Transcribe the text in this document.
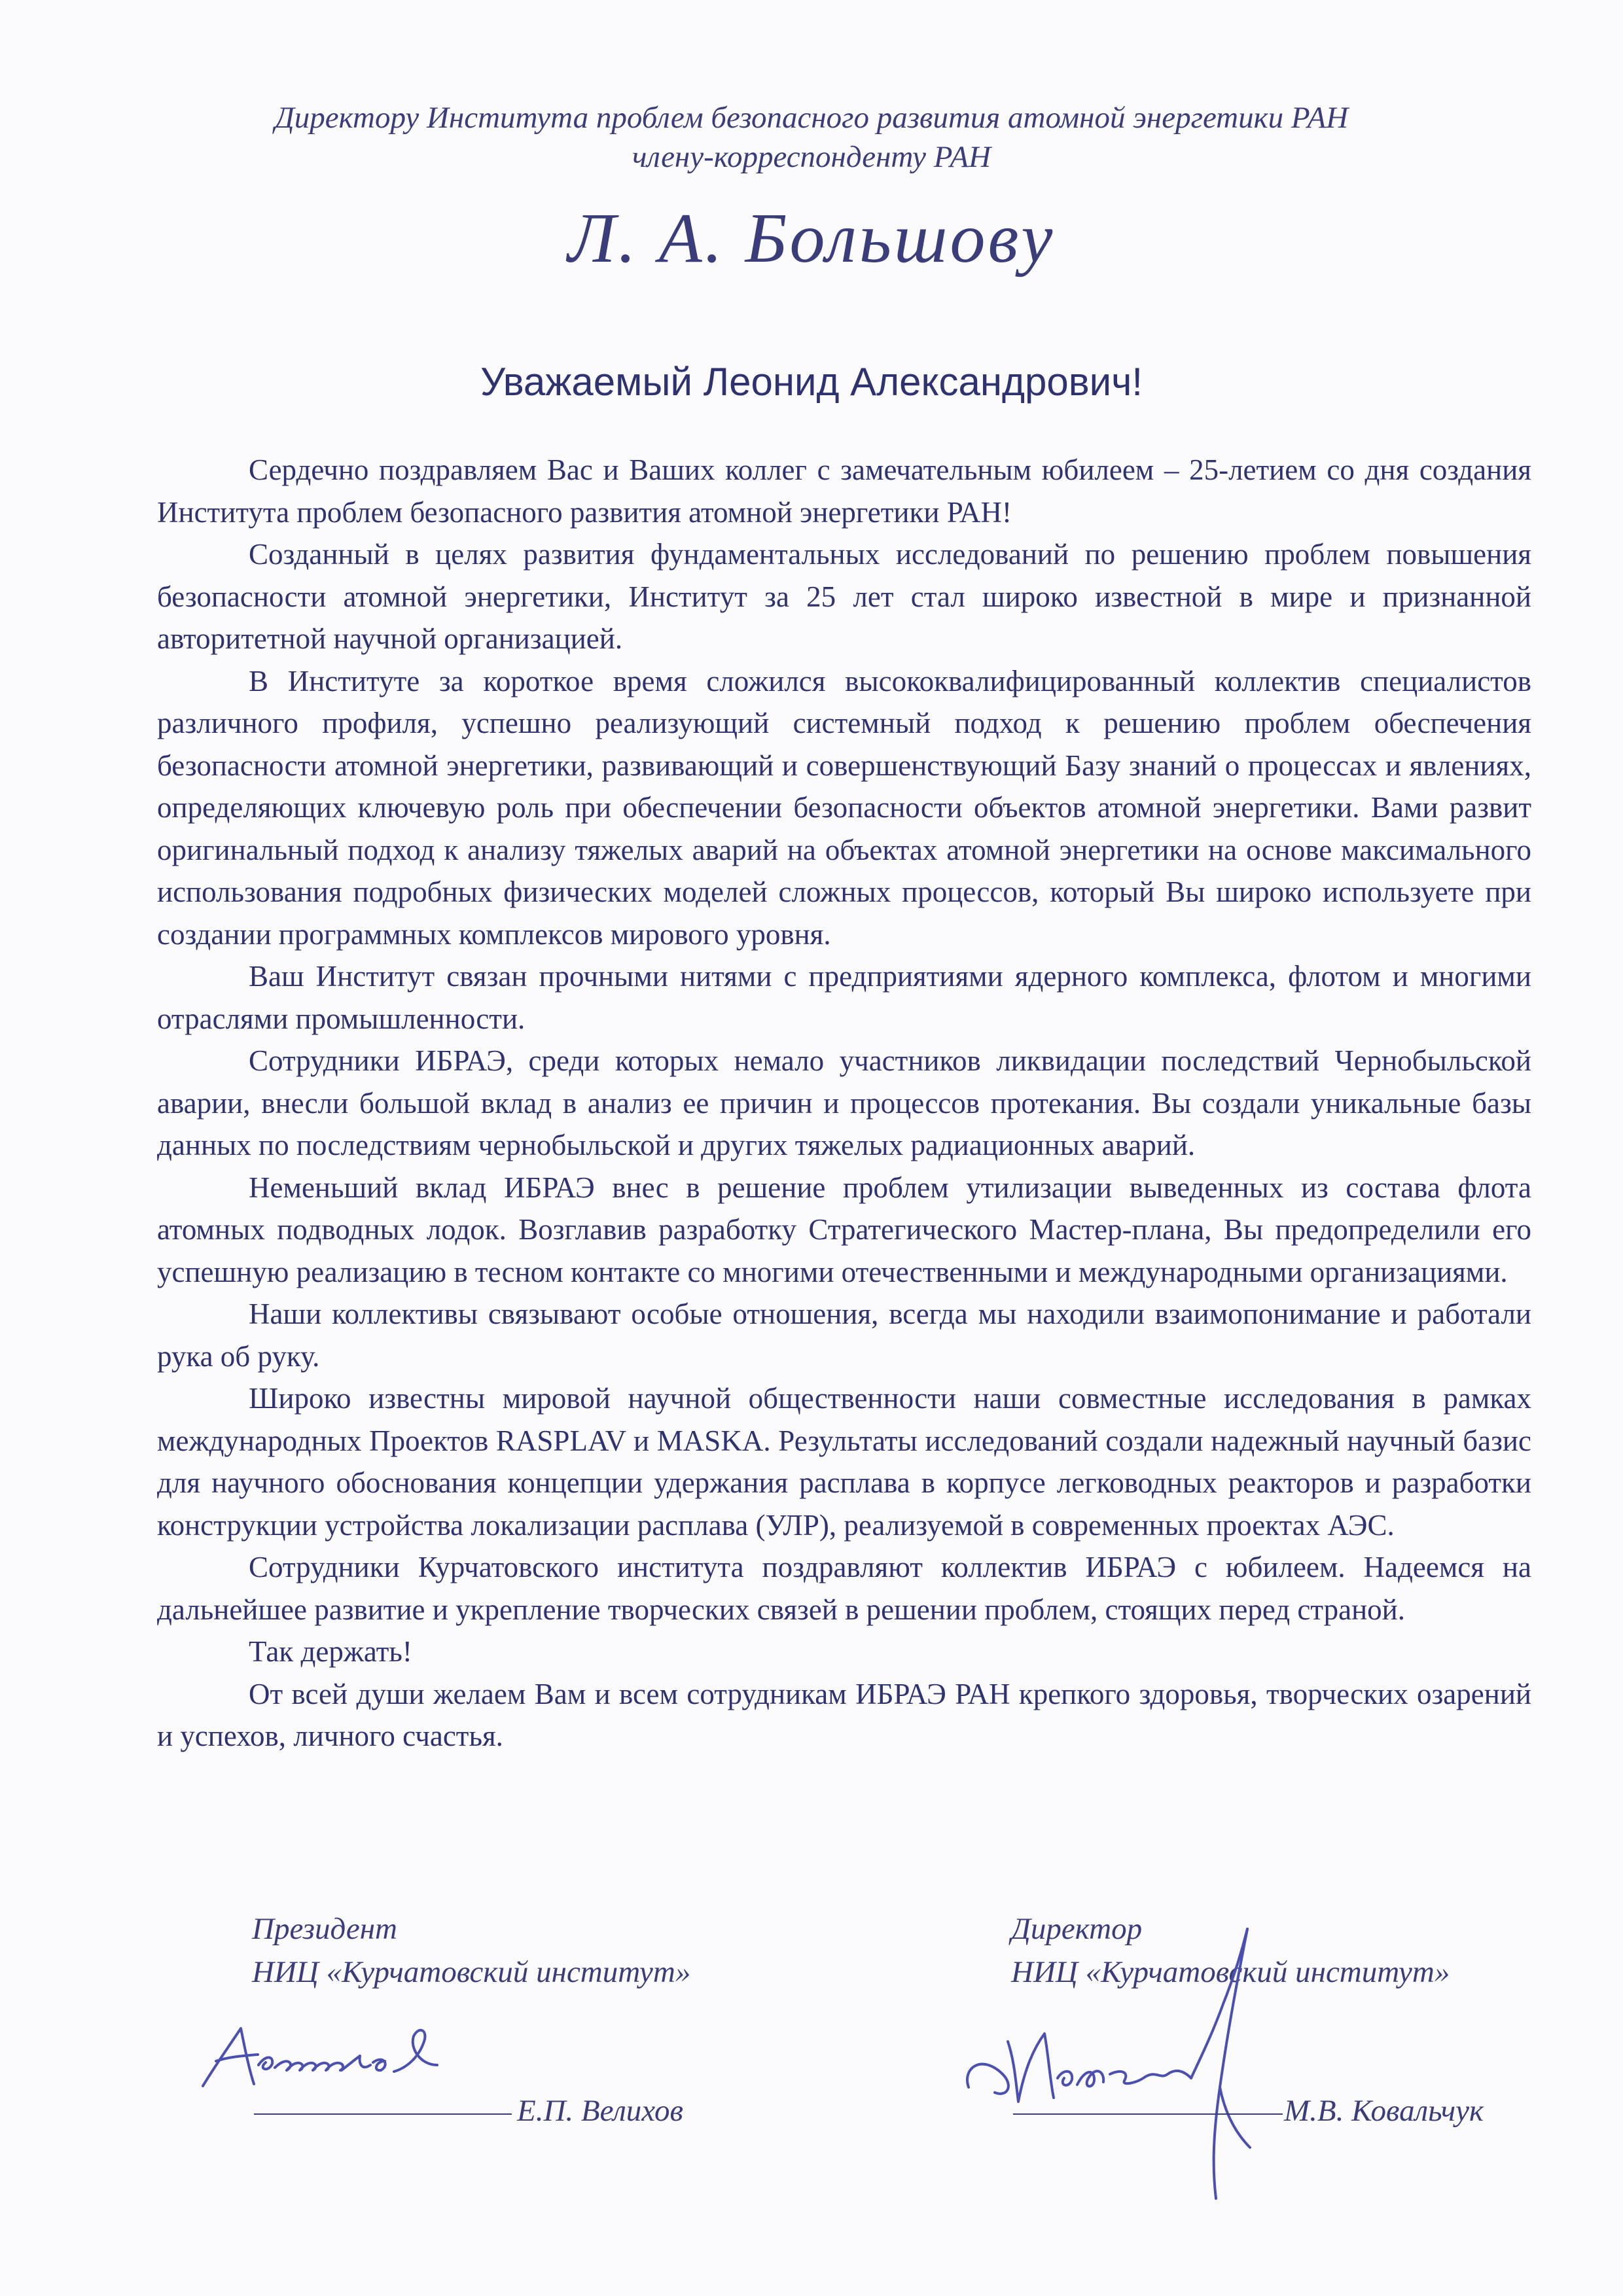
Директору Института проблем безопасного развития атомной энергетики РАН
члену-корреспонденту РАН
Л. А. Большову
Уважаемый Леонид Александрович!

Сердечно поздравляем Вас и Ваших коллег с замечательным юбилеем – 25-летием со дня создания Института проблем безопасного развития атомной энергетики РАН!

Созданный в целях развития фундаментальных исследований по решению проблем повышения безопасности атомной энергетики, Институт за 25 лет стал широко известной в мире и признанной авторитетной научной организацией.

В Институте за короткое время сложился высококвалифицированный коллектив специалистов различного профиля, успешно реализующий системный подход к решению проблем обеспечения безопасности атомной энергетики, развивающий и совершенствующий Базу знаний о процессах и явлениях, определяющих ключевую роль при обеспечении безопасности объектов атомной энергетики. Вами развит оригинальный подход к анализу тяжелых аварий на объектах атомной энергетики на основе максимального использования подробных физических моделей сложных процессов, который Вы широко используете при создании программных комплексов мирового уровня.

Ваш Институт связан прочными нитями с предприятиями ядерного комплекса, флотом и многими отраслями промышленности.

Сотрудники ИБРАЭ, среди которых немало участников ликвидации последствий Чернобыльской аварии, внесли большой вклад в анализ ее причин и процессов протекания. Вы создали уникальные базы данных по последствиям чернобыльской и других тяжелых радиационных аварий.

Неменьший вклад ИБРАЭ внес в решение проблем утилизации выведенных из состава флота атомных подводных лодок. Возглавив разработку Стратегического Мастер-плана, Вы предопределили его успешную реализацию в тесном контакте со многими отечественными и международными организациями.

Наши коллективы связывают особые отношения, всегда мы находили взаимопонимание и работали рука об руку.

Широко известны мировой научной общественности наши совместные исследования в рамках международных Проектов RASPLAV и MASKA. Результаты исследований создали надежный научный базис для научного обоснования концепции удержания расплава в корпусе легководных реакторов и разработки конструкции устройства локализации расплава (УЛР), реализуемой в современных проектах АЭС.

Сотрудники Курчатовского института поздравляют коллектив ИБРАЭ с юбилеем. Надеемся на дальнейшее развитие и укрепление творческих связей в решении проблем, стоящих перед страной.

Так держать!

От всей души желаем Вам и всем сотрудникам ИБРАЭ РАН крепкого здоровья, творческих озарений и успехов, личного счастья.

Президент
НИЦ «Курчатовский институт»
Е.П. Велихов
Директор
НИЦ «Курчатовский институт»
М.В. Ковальчук
